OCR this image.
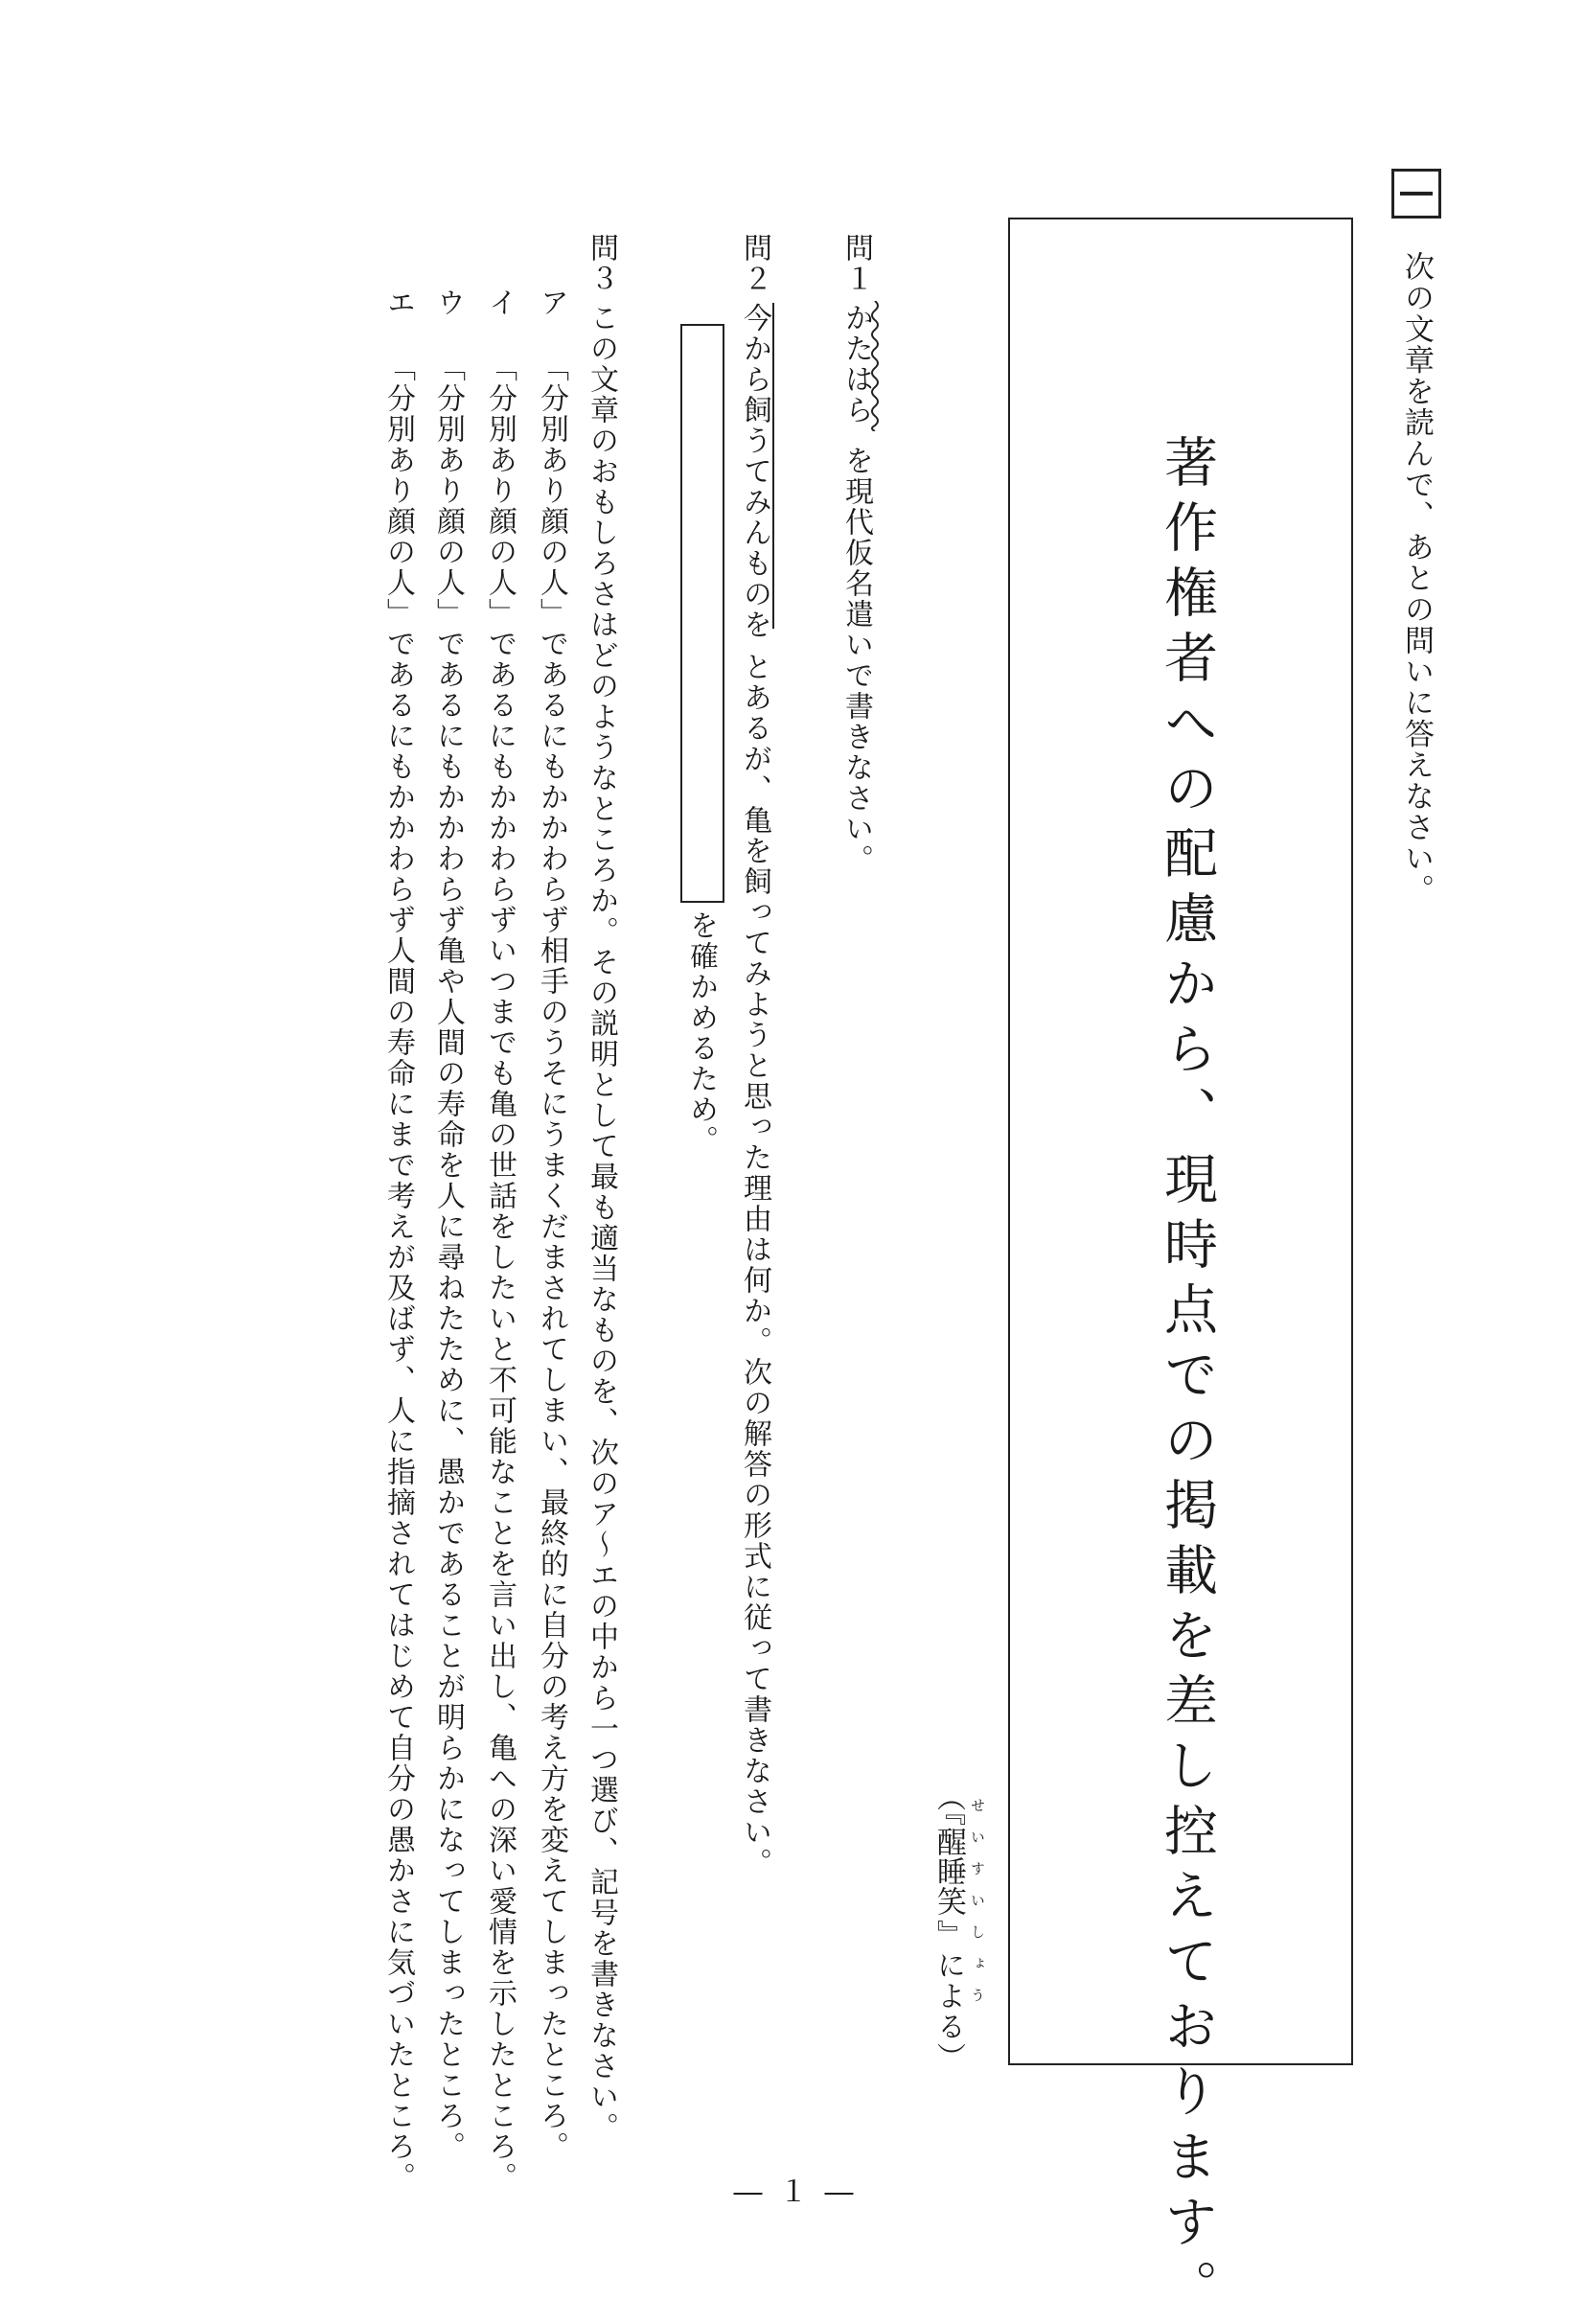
次の文章を読んで、あとの問いに答えなさい。
著作権者への配慮から、現時点での掲載を差し控えております。
（『
醒睡笑 せいすいしょう
』による）
問１
かたはら
を現代仮名遣いで書きなさい。
問２
今から飼うてみんものを
とあるが、亀を飼ってみようと思った理由は何か。次の解答の形式に従って書きなさい。
を確かめるため。
問３
この文章のおもしろさはどのようなところか。その説明として最も適当なものを、次のア～エの中から一つ選び、記号を書きなさい。
ア
「分別あり顔の人」であるにもかかわらず相手のうそにうまくだまされてしまい、最終的に自分の考え方を変えてしまったところ。
イ
「分別あり顔の人」であるにもかかわらずいつまでも亀の世話をしたいと不可能なことを言い出し、亀への深い愛情を示したところ。
ウ
「分別あり顔の人」であるにもかかわらず亀や人間の寿命を人に尋ねたために、愚かであることが明らかになってしまったところ。
エ
「分別あり顔の人」であるにもかかわらず人間の寿命にまで考えが及ばず、人に指摘されてはじめて自分の愚かさに気づいたところ。	― １ ―
